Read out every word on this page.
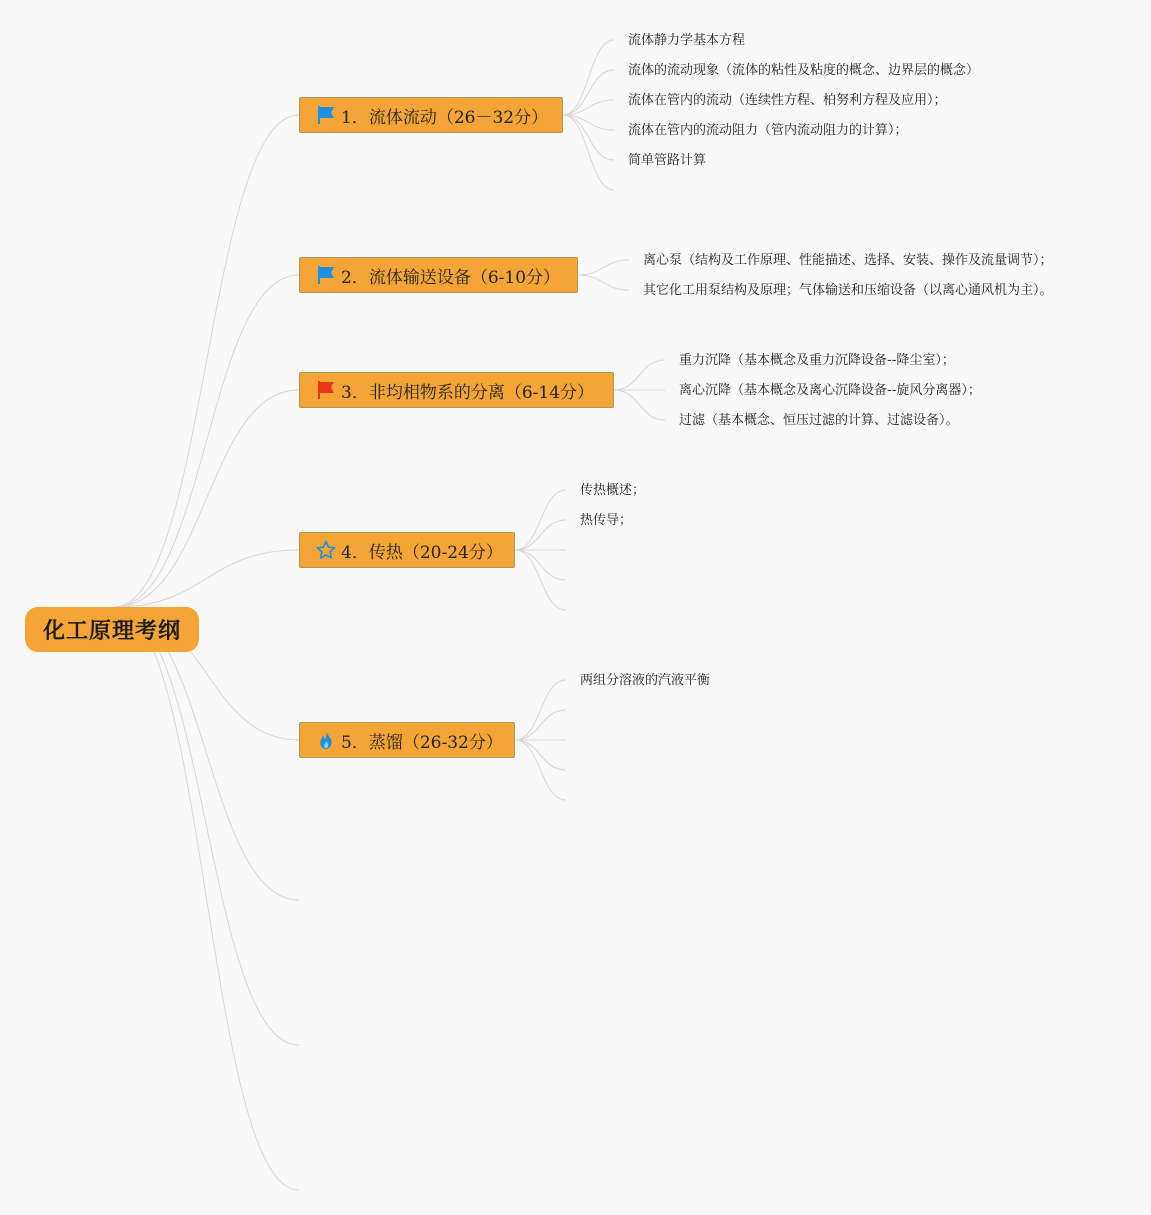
化工原理考纲
1．流体流动（26－32分）
2．流体输送设备（6-10分）
3．非均相物系的分离（6-14分）
4．传热（20-24分）
5．蒸馏（26-32分）
流体静力学基本方程
流体的流动现象（流体的粘性及粘度的概念、边界层的概念）
流体在管内的流动（连续性方程、柏努利方程及应用）；
流体在管内的流动阻力（管内流动阻力的计算）；
简单管路计算
离心泵（结构及工作原理、性能描述、选择、安装、操作及流量调节）；
其它化工用泵结构及原理；气体输送和压缩设备（以离心通风机为主）。
重力沉降（基本概念及重力沉降设备--降尘室）；
离心沉降（基本概念及离心沉降设备--旋风分离器）；
过滤（基本概念、恒压过滤的计算、过滤设备）。
传热概述；
热传导；
两组分溶液的汽液平衡
